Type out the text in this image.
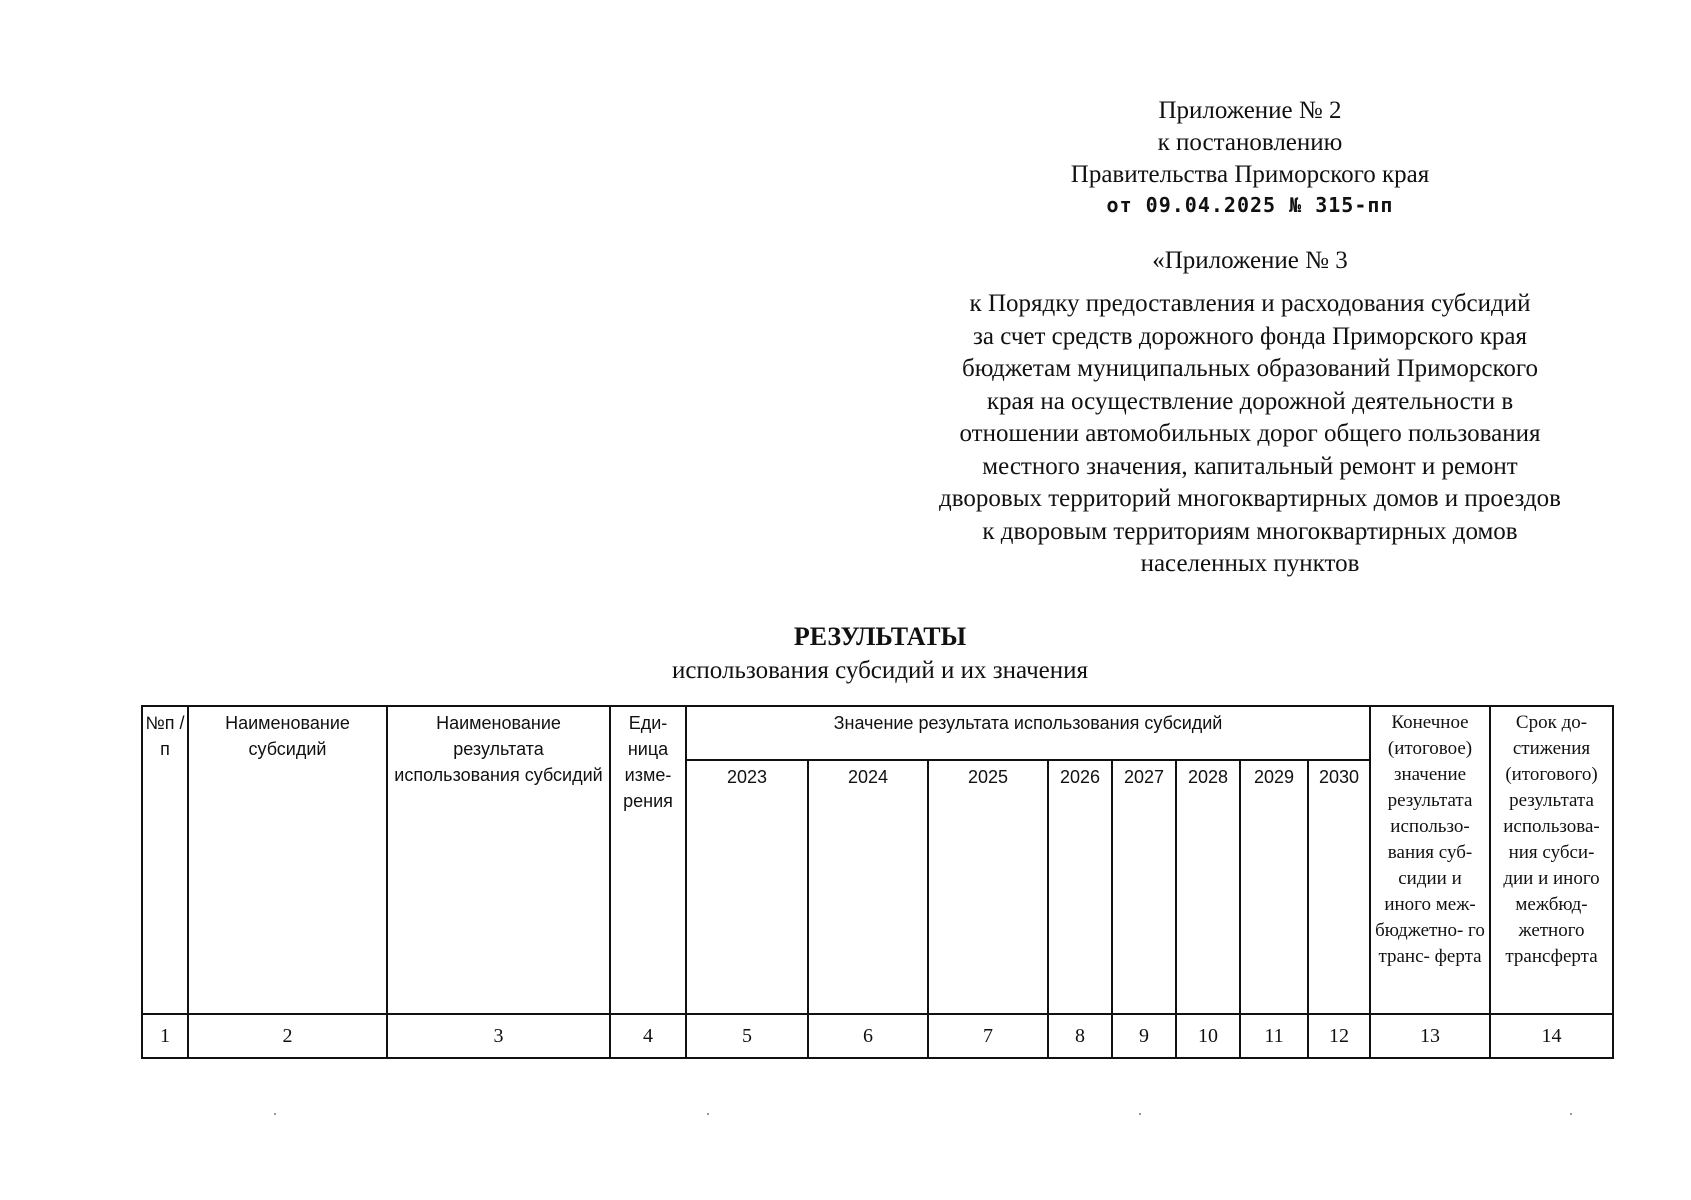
Приложение № 2
к постановлению
Правительства Приморского края
от 09.04.2025 № 315-пп
«Приложение № 3
к Порядку предоставления и расходования субсидий
за счет средств дорожного фонда Приморского края
бюджетам муниципальных образований Приморского
края на осуществление дорожной деятельности в
отношении автомобильных дорог общего пользования
местного значения, капитальный ремонт и ремонт
дворовых территорий многоквартирных домов и проездов
к дворовым территориям многоквартирных домов
населенных пунктов
РЕЗУЛЬТАТЫ
использования субсидий и их значения
№п /п	Наименование субсидий	Наименование результата использования субсидий	Еди- ница изме- рения	Значение результата использования субсидий								Конечное (итоговое) значение результата использо- вания суб- сидии и иного меж- бюджетно- го транс- ферта	Срок до- стижения (итогового) результата использова- ния субси- дии и иного межбюд- жетного трансферта
				2023	2024	2025	2026	2027	2028	2029	2030		
1	2	3	4	5	6	7	8	9	10	11	12	13	14
